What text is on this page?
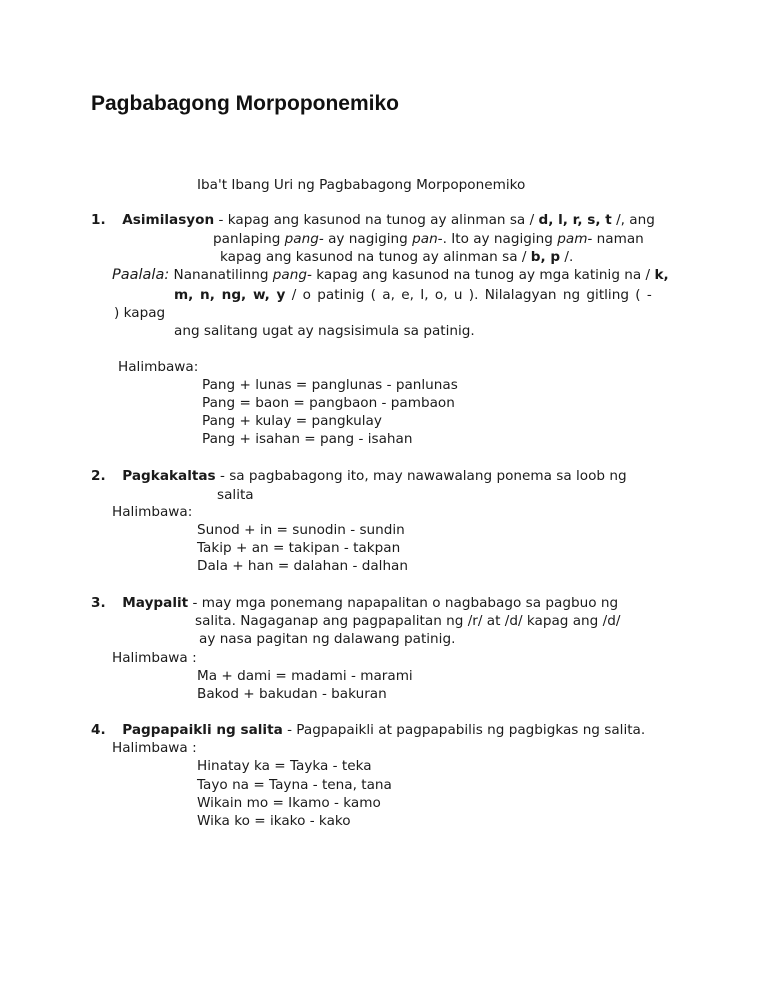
Pagbabagong Morpoponemiko
Iba't Ibang Uri ng Pagbabagong Morpoponemiko
1. Asimilasyon - kapag ang kasunod na tunog ay alinman sa / d, l, r, s, t /, ang
panlaping pang- ay nagiging pan-. Ito ay nagiging pam- naman
kapag ang kasunod na tunog ay alinman sa / b, p /.
Paalala: Nananatilinng pang- kapag ang kasunod na tunog ay mga katinig na / k,
m, n, ng, w, y / o patinig ( a, e, I, o, u ). Nilalagyan ng gitling ( -
) kapag
ang salitang ugat ay nagsisimula sa patinig.
Halimbawa:
Pang + lunas = panglunas - panlunas
Pang = baon = pangbaon - pambaon
Pang + kulay = pangkulay
Pang + isahan = pang - isahan
2. Pagkakaltas - sa pagbabagong ito, may nawawalang ponema sa loob ng
salita
Halimbawa:
Sunod + in = sunodin - sundin
Takip + an = takipan - takpan
Dala + han = dalahan - dalhan
3. Maypalit - may mga ponemang napapalitan o nagbabago sa pagbuo ng
salita. Nagaganap ang pagpapalitan ng /r/ at /d/ kapag ang /d/
ay nasa pagitan ng dalawang patinig.
Halimbawa :
Ma + dami = madami - marami
Bakod + bakudan - bakuran
4. Pagpapaikli ng salita - Pagpapaikli at pagpapabilis ng pagbigkas ng salita.
Halimbawa :
Hinatay ka = Tayka - teka
Tayo na = Tayna - tena, tana
Wikain mo = Ikamo - kamo
Wika ko = ikako - kako
